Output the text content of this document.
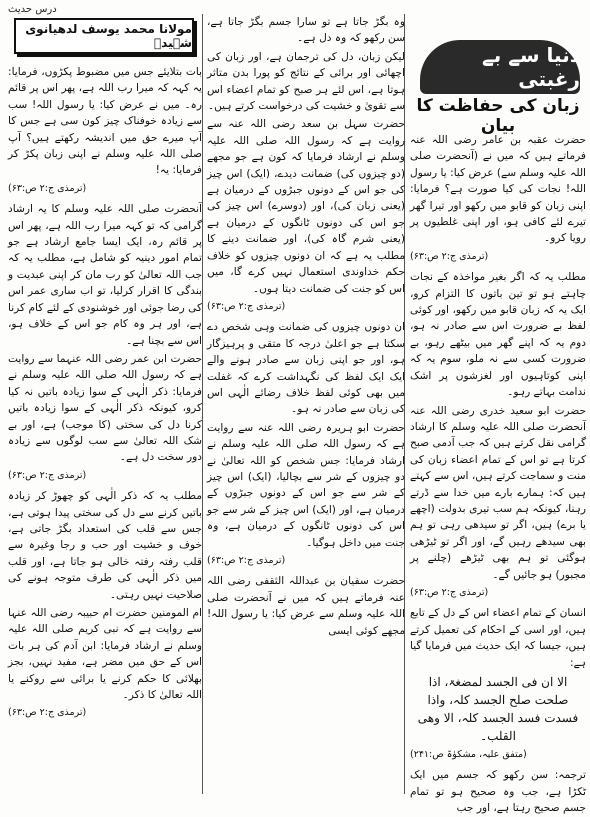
درس حدیث

حضرت عقبہ بن عامر رضی اللہ عنہ فرماتے ہیں کہ میں نے (آنحضرت صلی اللہ علیہ وسلم سے) عرض کیا: یا رسول اللہ! نجات کی کیا صورت ہے؟ فرمایا: اپنی زبان کو قابو میں رکھو اور تیرا گھر تیرے لئے کافی ہو، اور اپنی غلطیوں پر رویا کرو۔

(ترمذی ج:۲ ص:۶۳)

مطلب یہ کہ اگر بغیر مواخذہ کے نجات چاہتے ہو تو تین باتوں کا التزام کرو، ایک یہ کہ زبان قابو میں رکھو، اور کوئی لفظ بے ضرورت اس سے صادر نہ ہو، دوم یہ کہ اپنے گھر میں بیٹھے رہو، بے ضرورت کسی سے نہ ملو، سوم یہ کہ اپنی کوتاہیوں اور لغزشوں پر اشک ندامت بہاتے رہو۔

حضرت ابو سعید خدری رضی اللہ عنہ آنحضرت صلی اللہ علیہ وسلم کا ارشاد گرامی نقل کرتے ہیں کہ جب آدمی صبح کرتا ہے تو اس کے تمام اعضاء زبان کی منت و سماجت کرتے ہیں، اس سے کہتے ہیں کہ: ہمارے بارے میں خدا سے ڈرتے رہنا، کیونکہ ہم سب تیری بدولت (اچھے یا برے) ہیں، اگر تو سیدھی رہی تو ہم بھی سیدھے رہیں گے، اور اگر تو ٹیڑھی ہوگئی تو ہم بھی ٹیڑھے (چلنے پر مجبور) ہو جائیں گے۔

(ترمذی ج:۲ ص:۶۳)

انسان کے تمام اعضاء اس کے دل کے تابع ہیں، اور اسی کے احکام کی تعمیل کرتے ہیں، جیسا کہ ایک حدیث میں فرمایا گیا ہے:

الا ان فی الجسد لمضغۃ، اذا صلحت صلح الجسد کلہ، واذا فسدت فسد الجسد کلہ، الا وھی القلب۔

(متفق علیہ، مشکوٰۃ ص:۲۴۱)

ترجمہ: سن رکھو کہ جسم میں ایک ٹکڑا ہے، جب وہ صحیح ہو تو تمام جسم صحیح رہتا ہے، اور جب

دنیا سے بے رغبتی
زبان کی حفاظت کا بیان

وہ بگڑ جاتا ہے تو سارا جسم بگڑ جاتا ہے، سن رکھو کہ وہ دل ہے۔

لیکن زبان، دل کی ترجمان ہے، اور زبان کی اچھائی اور برائی کے نتائج کو پورا بدن متاثر ہوتا ہے، اس لئے ہر صبح کو تمام اعضاء اس سے تقویٰ و خشیت کی درخواست کرتے ہیں۔

حضرت سہل بن سعد رضی اللہ عنہ سے روایت ہے کہ رسول اللہ صلی اللہ علیہ وسلم نے ارشاد فرمایا کہ کون ہے جو مجھے (دو چیزوں کی) ضمانت دیدے، (ایک) اس چیز کی جو اس کے دونوں جبڑوں کے درمیان ہے (یعنی زبان کی)، اور (دوسرے) اس چیز کی جو اس کی دونوں ٹانگوں کے درمیان ہے (یعنی شرم گاہ کی)، اور ضمانت دینے کا مطلب یہ ہے کہ ان دونوں چیزوں کو خلاف حکم خداوندی استعمال نہیں کرے گا، میں اس کو جنت کی ضمانت دیتا ہوں۔

(ترمذی ج:۲ ص:۶۳)

ان دونوں چیزوں کی ضمانت وہی شخص دے سکتا ہے جو اعلیٰ درجہ کا متقی و پرہیزگار ہو، اور جو اپنی زبان سے صادر ہونے والے ایک ایک لفظ کی نگہداشت کرے کہ غفلت میں بھی کوئی لفظ خلاف رضائے الٰہی اس کی زبان سے صادر نہ ہو۔

حضرت ابو ہریرہ رضی اللہ عنہ سے روایت ہے کہ رسول اللہ صلی اللہ علیہ وسلم نے ارشاد فرمایا: جس شخص کو اللہ تعالیٰ نے دو چیزوں کے شر سے بچالیا، (ایک) اس چیز کے شر سے جو اس کے دونوں جبڑوں کے درمیان ہے، اور (ایک) اس چیز کے شر سے جو اس کی دونوں ٹانگوں کے درمیان ہے، وہ جنت میں داخل ہوگیا۔

(ترمذی ج:۲ ص:۶۳)

حضرت سفیان بن عبداللہ الثقفی رضی اللہ عنہ فرماتے ہیں کہ میں نے آنحضرت صلی اللہ علیہ وسلم سے عرض کیا: یا رسول اللہ! مجھے کوئی ایسی

مولانا محمد یوسف لدھیانوی شہیدؒ

بات بتلایئے جس میں مضبوط پکڑوں، فرمایا: یہ کہہ کہ میرا رب اللہ ہے، پھر اس پر قائم رہ۔ میں نے عرض کیا: یا رسول اللہ! سب سے زیادہ خوفناک چیز کون سی ہے جس کا آپ میرے حق میں اندیشہ رکھتے ہیں؟ آپ صلی اللہ علیہ وسلم نے اپنی زبان پکڑ کر فرمایا: یہ!

(ترمذی ج:۲ ص:۶۳)

آنحضرت صلی اللہ علیہ وسلم کا یہ ارشاد گرامی کہ تو کہہ میرا رب اللہ ہے، پھر اس پر قائم رہ، ایک ایسا جامع ارشاد ہے جو تمام امور دینیہ کو شامل ہے، مطلب یہ کہ جب اللہ تعالیٰ کو رب مان کر اپنی عبدیت و بندگی کا اقرار کرلیا، تو اب ساری عمر اس کی رضا جوئی اور خوشنودی کے لئے کام کرنا ہے، اور ہر وہ کام جو اس کے خلاف ہو، اس سے بچنا ہے۔

حضرت ابن عمر رضی اللہ عنہما سے روایت ہے کہ رسول اللہ صلی اللہ علیہ وسلم نے فرمایا: ذکر الٰہی کے سوا زیادہ باتیں نہ کیا کرو، کیونکہ ذکر الٰہی کے سوا زیادہ باتیں کرنا دل کی سختی (کا موجب) ہے، اور بے شک اللہ تعالیٰ سے سب لوگوں سے زیادہ دور سخت دل ہے۔

(ترمذی ج:۲ ص:۶۳)

مطلب یہ کہ ذکر الٰہی کو چھوڑ کر زیادہ باتیں کرنے سے دل کی سختی پیدا ہوتی ہے، جس سے قلب کی استعداد بگڑ جاتی ہے، خوف و خشیت اور حب و رجا وغیرہ سے قلب رفتہ رفتہ خالی ہو جاتا ہے، اور قلب میں ذکر الٰہی کی طرف متوجہ ہونے کی صلاحیت نہیں رہتی۔

ام المومنین حضرت ام حبیبہ رضی اللہ عنہا سے روایت ہے کہ نبی کریم صلی اللہ علیہ وسلم نے ارشاد فرمایا: ابن آدم کی ہر بات اس کے حق میں مضر ہے، مفید نہیں، بجز بھلائی کا حکم کرنے یا برائی سے روکنے یا اللہ تعالیٰ کا ذکر۔

(ترمذی ج:۲ ص:۶۳)
